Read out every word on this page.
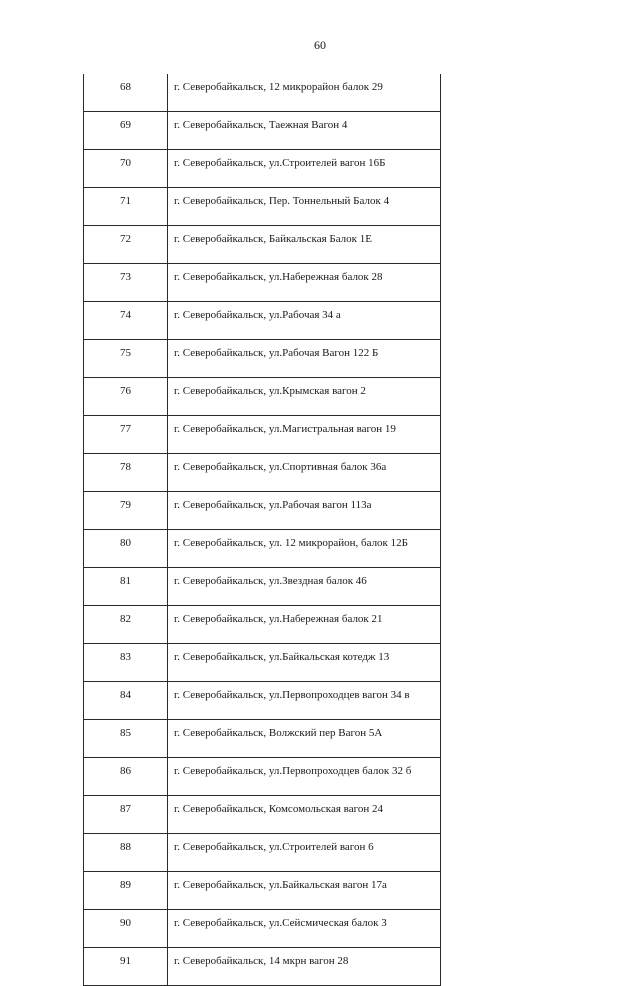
60
68	г. Северобайкальск, 12 микрорайон балок 29
69	г. Северобайкальск, Таежная Вагон 4
70	г. Северобайкальск, ул.Строителей вагон 16Б
71	г. Северобайкальск, Пер. Тоннельный Балок 4
72	г. Северобайкальск, Байкальская Балок 1Е
73	г. Северобайкальск, ул.Набережная балок 28
74	г. Северобайкальск, ул.Рабочая 34 а
75	г. Северобайкальск, ул.Рабочая Вагон 122 Б
76	г. Северобайкальск, ул.Крымская вагон 2
77	г. Северобайкальск, ул.Магистральная вагон 19
78	г. Северобайкальск, ул.Спортивная балок 36а
79	г. Северобайкальск, ул.Рабочая вагон 113а
80	г. Северобайкальск, ул. 12 микрорайон, балок 12Б
81	г. Северобайкальск, ул.Звездная балок 46
82	г. Северобайкальск, ул.Набережная балок 21
83	г. Северобайкальск, ул.Байкальская котедж 13
84	г. Северобайкальск, ул.Первопроходцев вагон 34 в
85	г. Северобайкальск, Волжский пер Вагон 5А
86	г. Северобайкальск, ул.Первопроходцев балок 32 б
87	г. Северобайкальск, Комсомольская вагон 24
88	г. Северобайкальск, ул.Строителей вагон 6
89	г. Северобайкальск, ул.Байкальская вагон 17а
90	г. Северобайкальск, ул.Сейсмическая балок 3
91	г. Северобайкальск, 14 мкрн вагон 28
